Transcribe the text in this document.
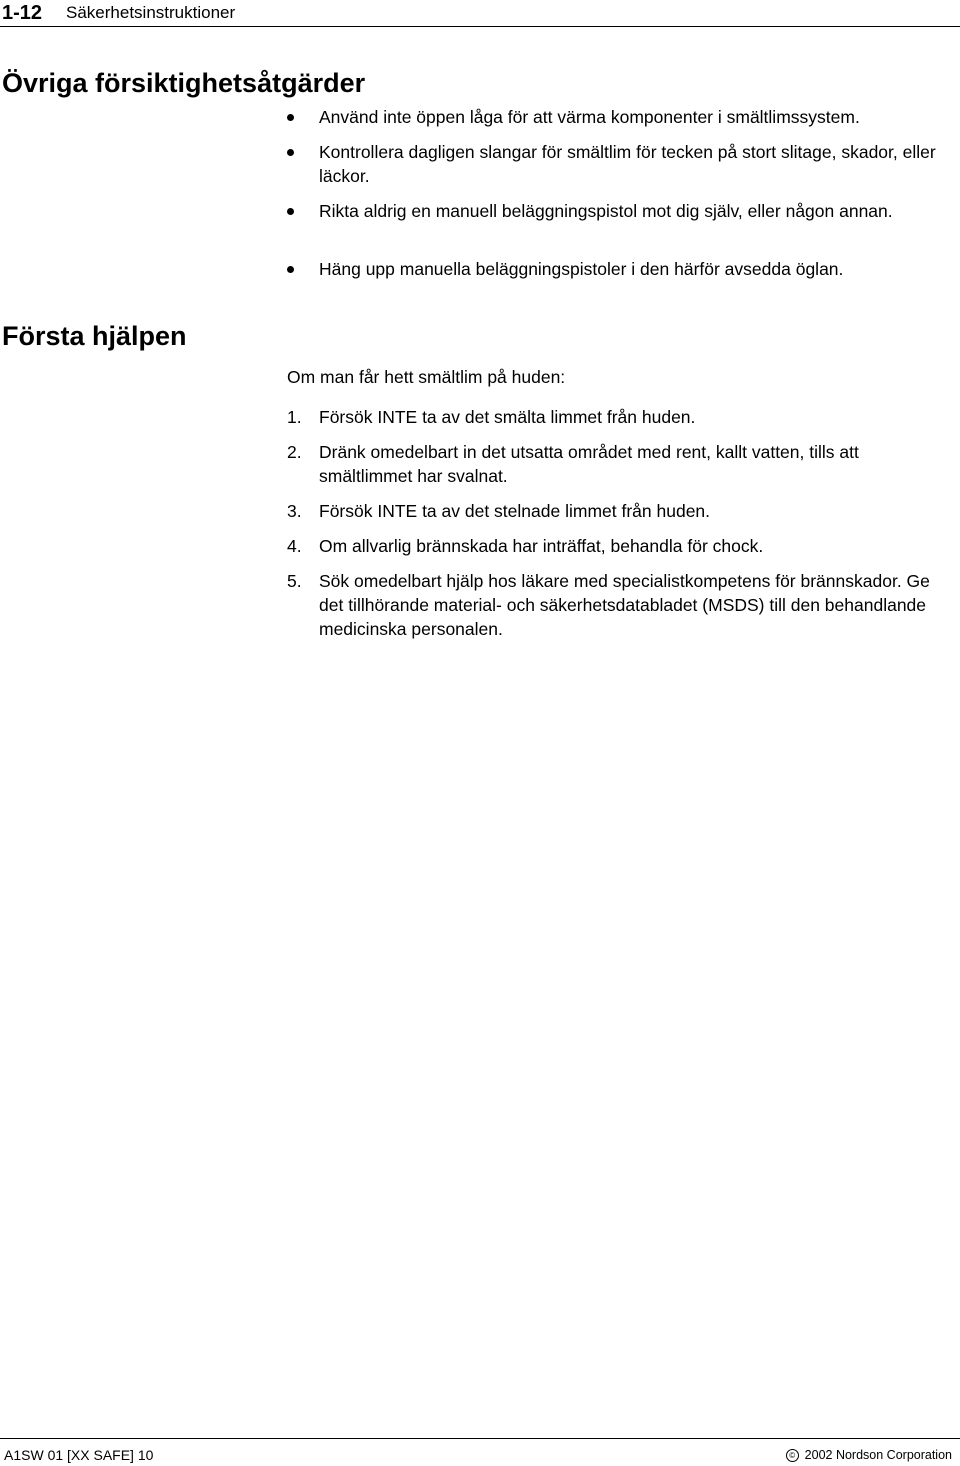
1-12 Säkerhetsinstruktioner
Övriga försiktighetsåtgärder
Använd inte öppen låga för att värma komponenter i smältlimssystem.
Kontrollera dagligen slangar för smältlim för tecken på stort slitage, skador, eller läckor.
Rikta aldrig en manuell beläggningspistol mot dig själv, eller någon annan.
Häng upp manuella beläggningspistoler i den härför avsedda öglan.
Första hjälpen
Om man får hett smältlim på huden:
1. Försök INTE ta av det smälta limmet från huden.
2. Dränk omedelbart in det utsatta området med rent, kallt vatten, tills att smältlimmet har svalnat.
3. Försök INTE ta av det stelnade limmet från huden.
4. Om allvarlig brännskada har inträffat, behandla för chock.
5. Sök omedelbart hjälp hos läkare med specialistkompetens för brännskador. Ge det tillhörande material- och säkerhetsdatabladet (MSDS) till den behandlande medicinska personalen.
A1SW 01 [XX SAFE] 10	© 2002 Nordson Corporation
